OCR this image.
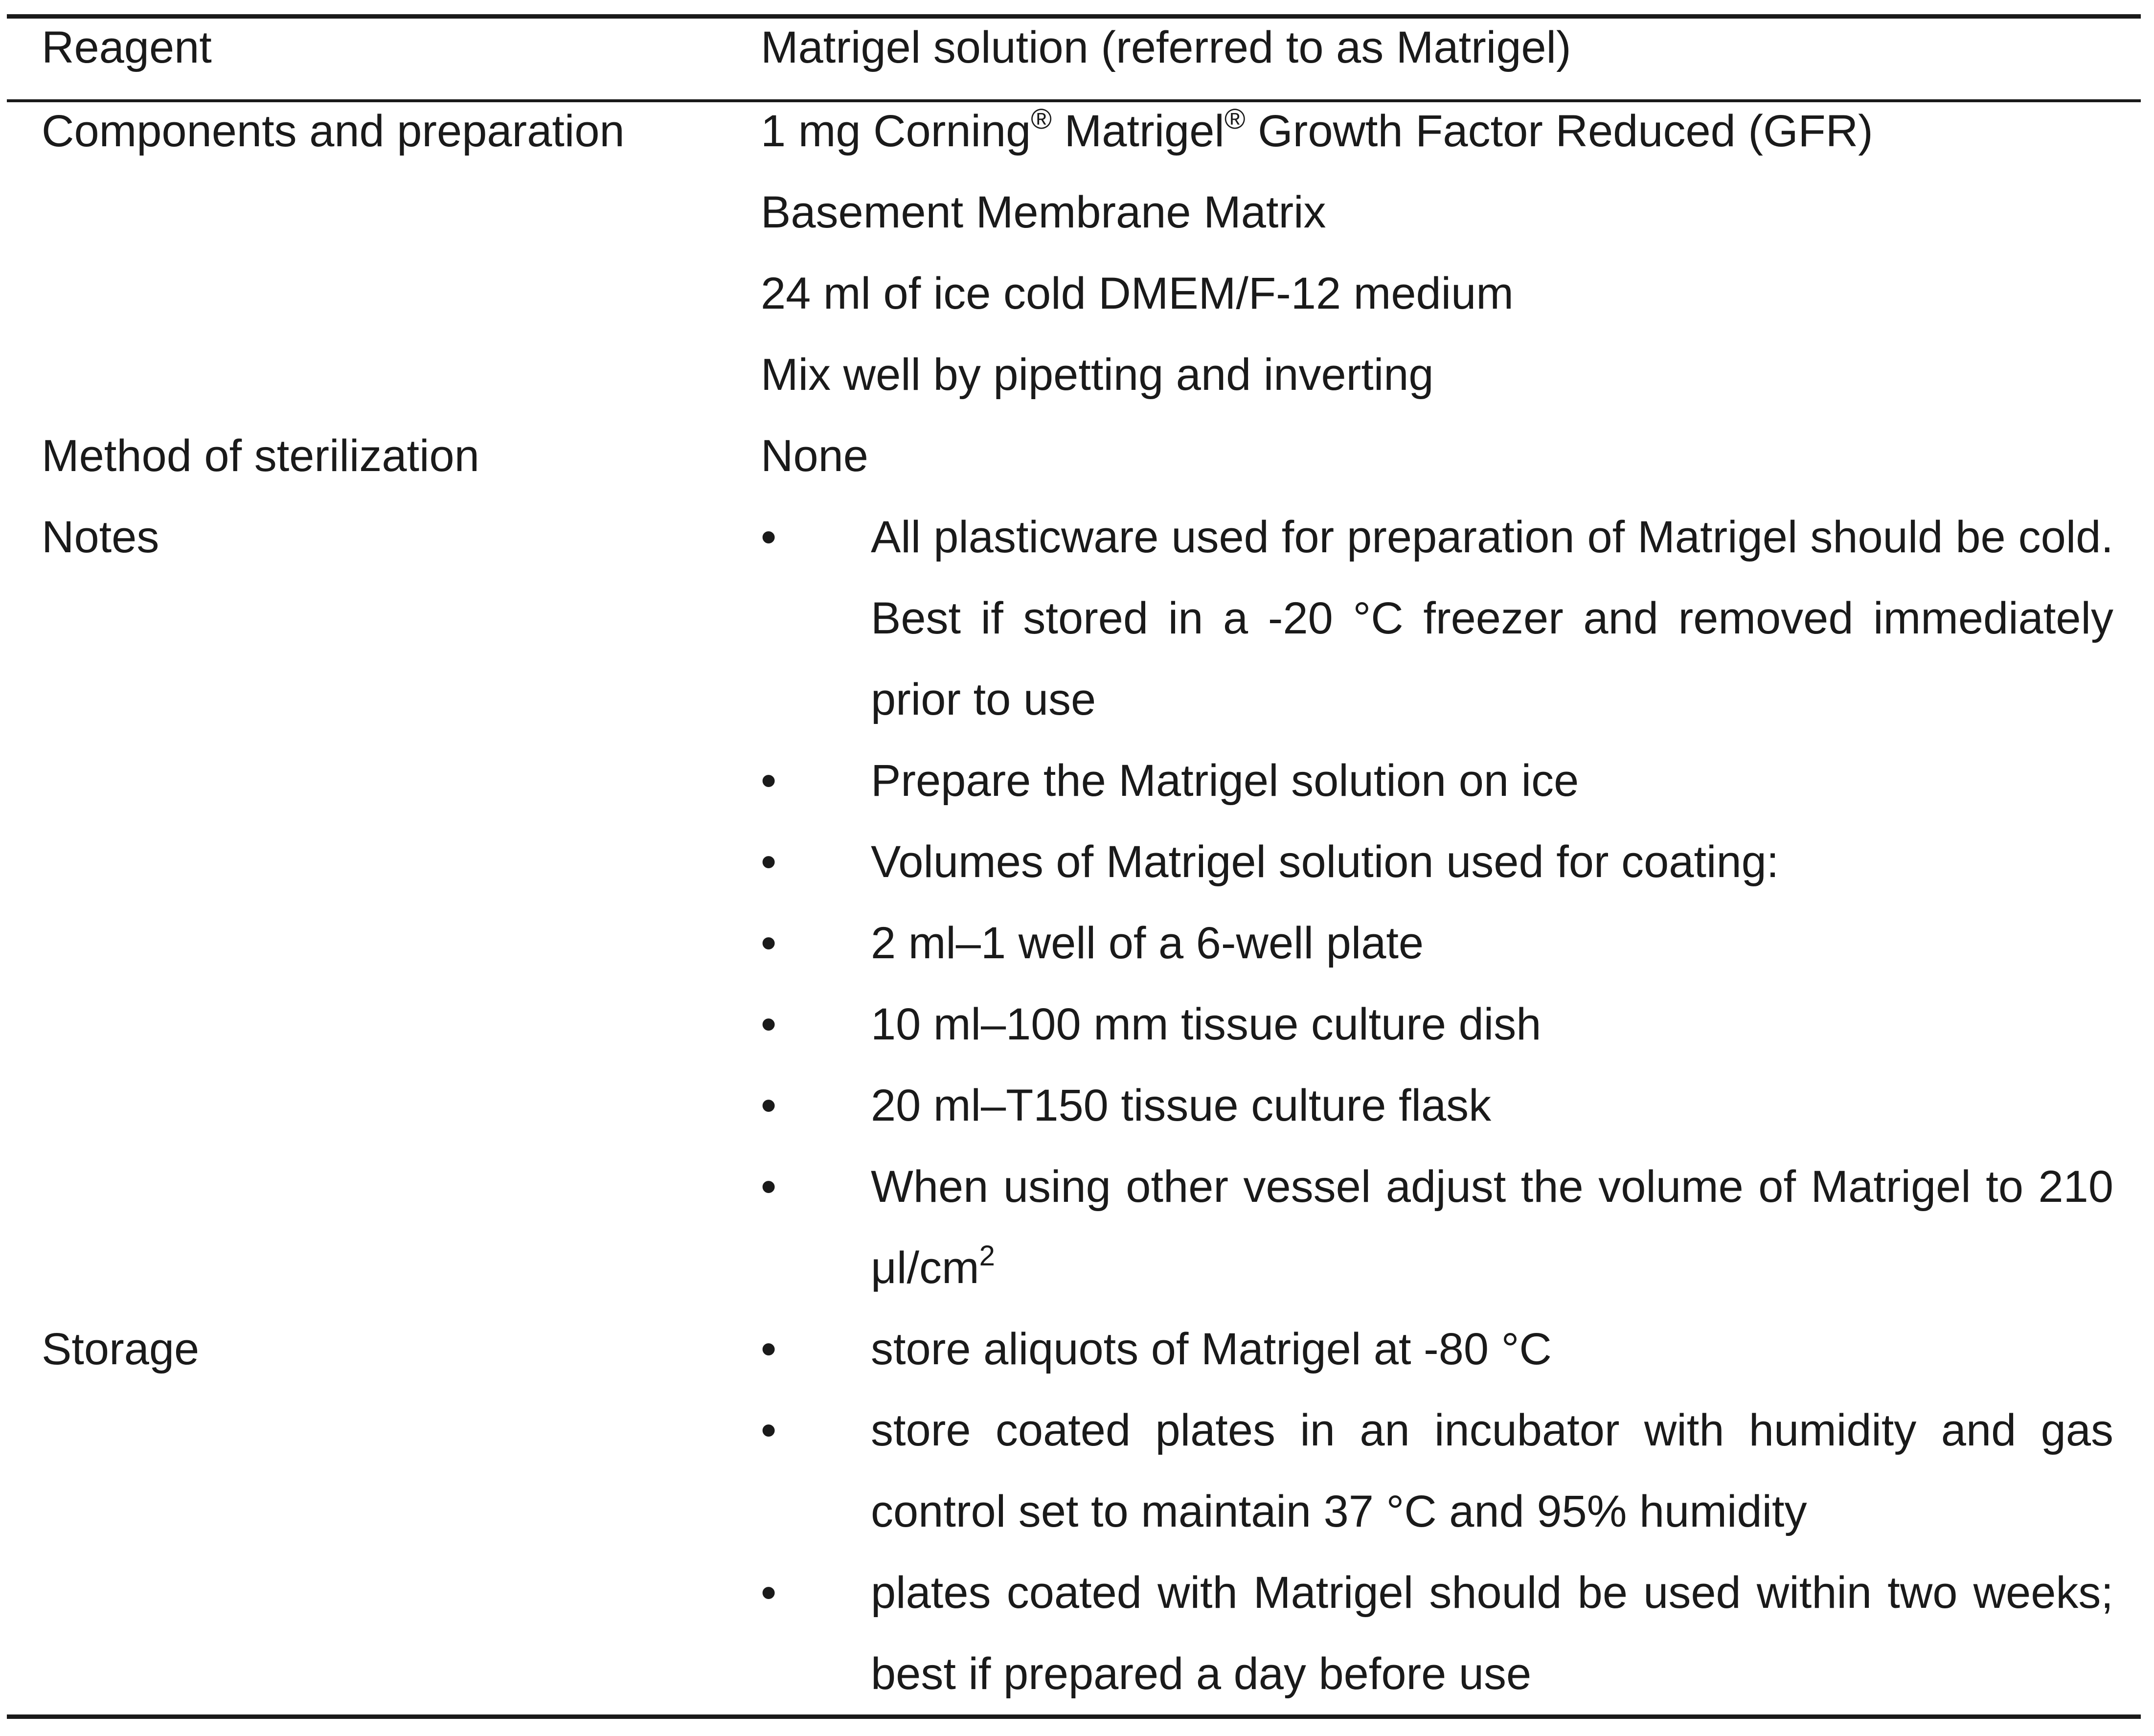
Reagent	Matrigel solution (referred to as Matrigel)
Components and preparation	1 mg Corning® Matrigel® Growth Factor Reduced (GFR)
Basement Membrane Matrix
24 ml of ice cold DMEM/F-12 medium
Mix well by pipetting and inverting
Method of sterilization	None
Notes	• All plasticware used for preparation of Matrigel should be cold. Best if stored in a -20 °C freezer and removed immediately prior to use
• Prepare the Matrigel solution on ice
• Volumes of Matrigel solution used for coating:
• 2 ml–1 well of a 6-well plate
• 10 ml–100 mm tissue culture dish
• 20 ml–T150 tissue culture flask
• When using other vessel adjust the volume of Matrigel to 210 $\mu l/cm^2$
Storage	• store aliquots of Matrigel at -80 °C
• store coated plates in an incubator with humidity and gas control set to maintain 37 °C and 95% humidity
• plates coated with Matrigel should be used within two weeks; best if prepared a day before use
